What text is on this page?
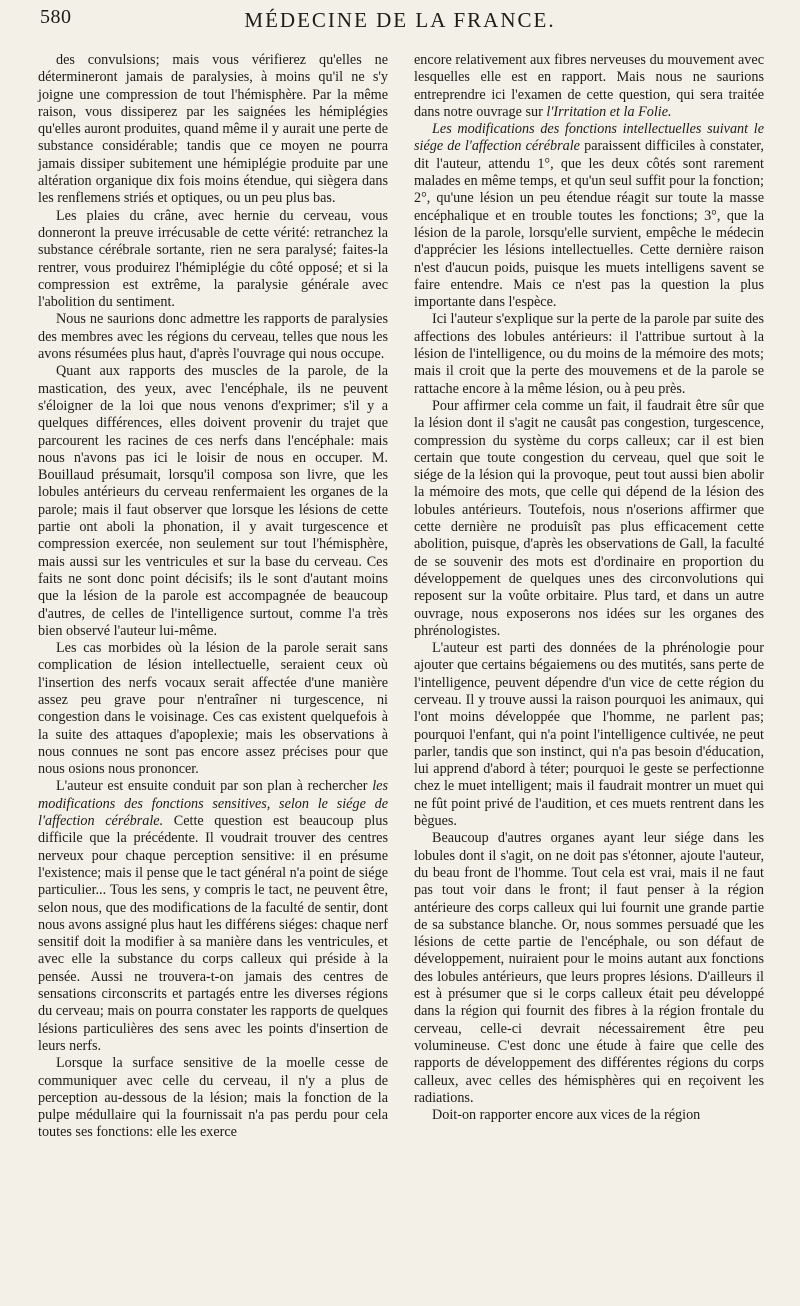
580	MÉDECINE DE LA FRANCE.

des convulsions; mais vous vérifierez qu'elles ne détermineront jamais de paralysies, à moins qu'il ne s'y joigne une compression de tout l'hémisphère. Par la même raison, vous dissiperez par les saignées les hémiplégies qu'elles auront produites, quand même il y aurait une perte de substance considérable; tandis que ce moyen ne pourra jamais dissiper subitement une hémiplégie produite par une altération organique dix fois moins étendue, qui siègera dans les renflemens striés et optiques, ou un peu plus bas.

Les plaies du crâne, avec hernie du cerveau, vous donneront la preuve irrécusable de cette vérité: retranchez la substance cérébrale sortante, rien ne sera paralysé; faites-la rentrer, vous produirez l'hémiplégie du côté opposé; et si la compression est extrême, la paralysie générale avec l'abolition du sentiment.

Nous ne saurions donc admettre les rapports de paralysies des membres avec les régions du cerveau, telles que nous les avons résumées plus haut, d'après l'ouvrage qui nous occupe.

Quant aux rapports des muscles de la parole, de la mastication, des yeux, avec l'encéphale, ils ne peuvent s'éloigner de la loi que nous venons d'exprimer; s'il y a quelques différences, elles doivent provenir du trajet que parcourent les racines de ces nerfs dans l'encéphale: mais nous n'avons pas ici le loisir de nous en occuper. M. Bouillaud présumait, lorsqu'il composa son livre, que les lobules antérieurs du cerveau renfermaient les organes de la parole; mais il faut observer que lorsque les lésions de cette partie ont aboli la phonation, il y avait turgescence et compression exercée, non seulement sur tout l'hémisphère, mais aussi sur les ventricules et sur la base du cerveau. Ces faits ne sont donc point décisifs; ils le sont d'autant moins que la lésion de la parole est accompagnée de beaucoup d'autres, de celles de l'intelligence surtout, comme l'a très bien observé l'auteur lui-même.

Les cas morbides où la lésion de la parole serait sans complication de lésion intellectuelle, seraient ceux où l'insertion des nerfs vocaux serait affectée d'une manière assez peu grave pour n'entraîner ni turgescence, ni congestion dans le voisinage. Ces cas existent quelquefois à la suite des attaques d'apoplexie; mais les observations à nous connues ne sont pas encore assez précises pour que nous osions nous prononcer.

L'auteur est ensuite conduit par son plan à rechercher les modifications des fonctions sensitives, selon le siége de l'affection cérébrale. Cette question est beaucoup plus difficile que la précédente. Il voudrait trouver des centres nerveux pour chaque perception sensitive: il en présume l'existence; mais il pense que le tact général n'a point de siége particulier... Tous les sens, y compris le tact, ne peuvent être, selon nous, que des modifications de la faculté de sentir, dont nous avons assigné plus haut les différens siéges: chaque nerf sensitif doit la modifier à sa manière dans les ventricules, et avec elle la substance du corps calleux qui préside à la pensée. Aussi ne trouvera-t-on jamais des centres de sensations circonscrits et partagés entre les diverses régions du cerveau; mais on pourra constater les rapports de quelques lésions particulières des sens avec les points d'insertion de leurs nerfs.

Lorsque la surface sensitive de la moelle cesse de communiquer avec celle du cerveau, il n'y a plus de perception au-dessous de la lésion; mais la fonction de la pulpe médullaire qui la fournissait n'a pas perdu pour cela toutes ses fonctions: elle les exerce

encore relativement aux fibres nerveuses du mouvement avec lesquelles elle est en rapport. Mais nous ne saurions entreprendre ici l'examen de cette question, qui sera traitée dans notre ouvrage sur l'Irritation et la Folie.

Les modifications des fonctions intellectuelles suivant le siége de l'affection cérébrale paraissent difficiles à constater, dit l'auteur, attendu 1°, que les deux côtés sont rarement malades en même temps, et qu'un seul suffit pour la fonction; 2°, qu'une lésion un peu étendue réagit sur toute la masse encéphalique et en trouble toutes les fonctions; 3°, que la lésion de la parole, lorsqu'elle survient, empêche le médecin d'apprécier les lésions intellectuelles. Cette dernière raison n'est d'aucun poids, puisque les muets intelligens savent se faire entendre. Mais ce n'est pas la question la plus importante dans l'espèce.

Ici l'auteur s'explique sur la perte de la parole par suite des affections des lobules antérieurs: il l'attribue surtout à la lésion de l'intelligence, ou du moins de la mémoire des mots; mais il croit que la perte des mouvemens et de la parole se rattache encore à la même lésion, ou à peu près.

Pour affirmer cela comme un fait, il faudrait être sûr que la lésion dont il s'agit ne causât pas congestion, turgescence, compression du système du corps calleux; car il est bien certain que toute congestion du cerveau, quel que soit le siége de la lésion qui la provoque, peut tout aussi bien abolir la mémoire des mots, que celle qui dépend de la lésion des lobules antérieurs. Toutefois, nous n'oserions affirmer que cette dernière ne produisît pas plus efficacement cette abolition, puisque, d'après les observations de Gall, la faculté de se souvenir des mots est d'ordinaire en proportion du développement de quelques unes des circonvolutions qui reposent sur la voûte orbitaire. Plus tard, et dans un autre ouvrage, nous exposerons nos idées sur les organes des phrénologistes.

L'auteur est parti des données de la phrénologie pour ajouter que certains bégaiemens ou des mutités, sans perte de l'intelligence, peuvent dépendre d'un vice de cette région du cerveau. Il y trouve aussi la raison pourquoi les animaux, qui l'ont moins développée que l'homme, ne parlent pas; pourquoi l'enfant, qui n'a point l'intelligence cultivée, ne peut parler, tandis que son instinct, qui n'a pas besoin d'éducation, lui apprend d'abord à téter; pourquoi le geste se perfectionne chez le muet intelligent; mais il faudrait montrer un muet qui ne fût point privé de l'audition, et ces muets rentrent dans les bègues.

Beaucoup d'autres organes ayant leur siége dans les lobules dont il s'agit, on ne doit pas s'étonner, ajoute l'auteur, du beau front de l'homme. Tout cela est vrai, mais il ne faut pas tout voir dans le front; il faut penser à la région antérieure des corps calleux qui lui fournit une grande partie de sa substance blanche. Or, nous sommes persuadé que les lésions de cette partie de l'encéphale, ou son défaut de développement, nuiraient pour le moins autant aux fonctions des lobules antérieurs, que leurs propres lésions. D'ailleurs il est à présumer que si le corps calleux était peu développé dans la région qui fournit des fibres à la région frontale du cerveau, celle-ci devrait nécessairement être peu volumineuse. C'est donc une étude à faire que celle des rapports de développement des différentes régions du corps calleux, avec celles des hémisphères qui en reçoivent les radiations.

Doit-on rapporter encore aux vices de la région
